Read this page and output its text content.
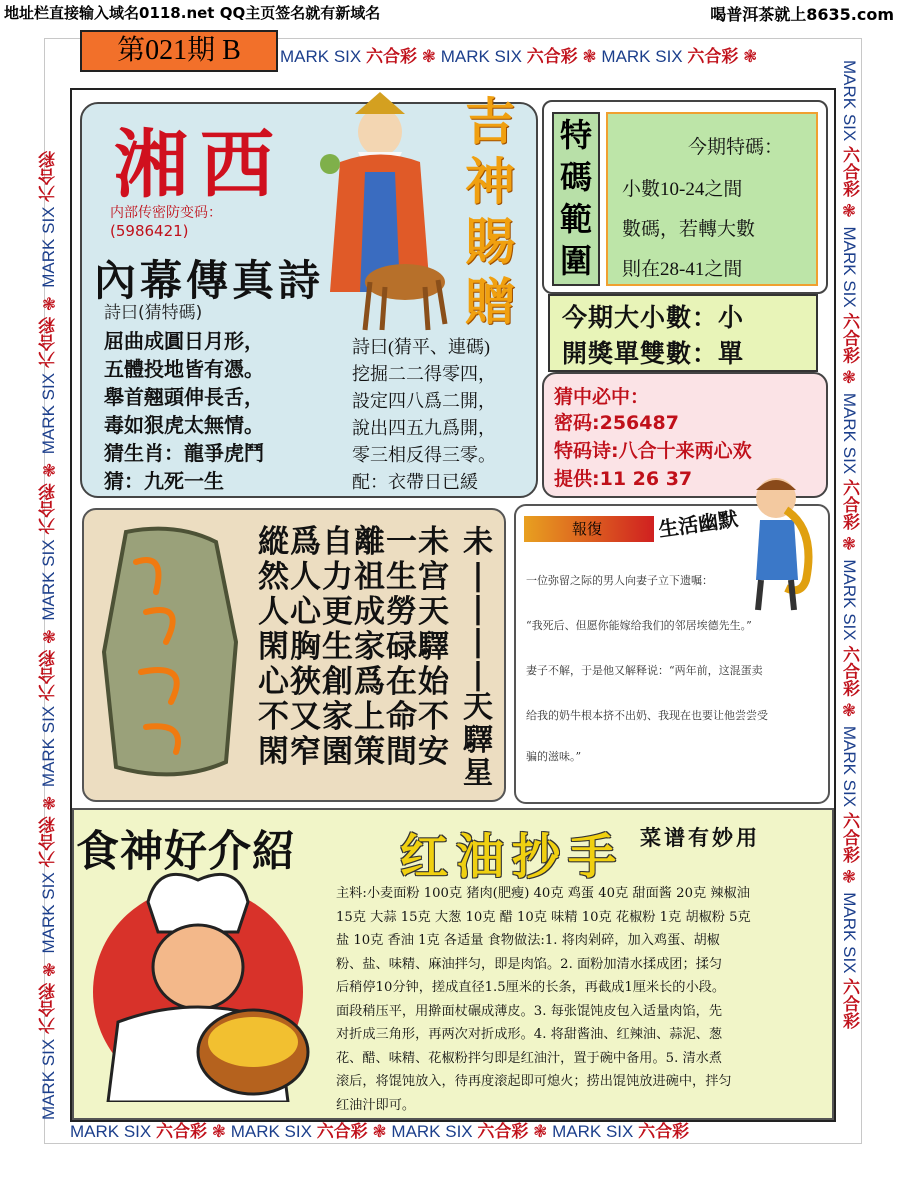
地址栏直接输入域名0118.net QQ主页签名就有新域名	喝普洱茶就上8635.com
MARK SIX 六合彩 ❃ MARK SIX 六合彩 ❃ MARK SIX 六合彩 ❃
MARK SIX 六合彩 ❃ MARK SIX 六合彩 ❃ MARK SIX 六合彩 ❃ MARK SIX 六合彩
MARK SIX 六合彩 ❃ MARK SIX 六合彩 ❃ MARK SIX 六合彩 ❃ MARK SIX 六合彩 ❃ MARK SIX 六合彩 ❃ MARK SIX 六合彩
MARK SIX 六合彩 ❃ MARK SIX 六合彩 ❃ MARK SIX 六合彩 ❃ MARK SIX 六合彩 ❃ MARK SIX 六合彩 ❃ MARK SIX 六合彩
第021期 B
湘西
内部传密防变码：
(5986421)
吉
神
賜
贈
內幕傳真詩
詩曰(猜特碼)
屈曲成圓日月形，
五體投地皆有憑。
舉首翹頭伸長舌，
毒如狠虎太無情。
猜生肖：龍爭虎鬥
猜：九死一生
詩曰(猜平、連碼)
挖掘二二得零四，
設定四八爲二開，
說出四五九爲開，
零三相反得三零。
配：衣帶日已緩
特
碼
範
圍
今期特碼：
小數10-24之間
數碼，若轉大數
則在28-41之間
今期大小數：小
開獎單雙數：單
猜中必中：
密码:256487
特码诗:八合十来两心欢
提供:11 26 37
縱爲自離一未
然人力祖生宫
人心更成勞天
閑胸生家碌驛
心狹創爲在始
不又家上命不
閑窄園策間安
未
|
|
|
|
天
驛
星
報復	生活幽默
一位弥留之际的男人向妻子立下遗嘱：
“我死后、但愿你能嫁给我们的邻居埃德先生。”
妻子不解，于是他又解释说：“两年前，这混蛋卖
给我的奶牛根本挤不出奶、我现在也要让他尝尝受
骗的滋味。”
食神好介紹 红油抄手 菜谱有妙用
主料:小麦面粉 100克 猪肉(肥瘦) 40克 鸡蛋 40克 甜面酱 20克 辣椒油
15克 大蒜 15克 大葱 10克 醋 10克 味精 10克 花椒粉 1克 胡椒粉 5克
盐 10克 香油 1克 各适量 食物做法:1. 将肉剁碎，加入鸡蛋、胡椒
粉、盐、味精、麻油拌匀，即是肉馅。2. 面粉加清水揉成团；揉匀
后稍停10分钟，搓成直径1.5厘米的长条，再截成1厘米长的小段。
面段稍压平，用擀面杖碾成薄皮。3. 每张馄饨皮包入适量肉馅，先
对折成三角形，再两次对折成形。4. 将甜酱油、红辣油、蒜泥、葱
花、醋、味精、花椒粉拌匀即是红油汁，置于碗中备用。5. 清水煮
滚后，将馄饨放入，待再度滚起即可熄火；捞出馄饨放进碗中，拌匀
红油汁即可。
